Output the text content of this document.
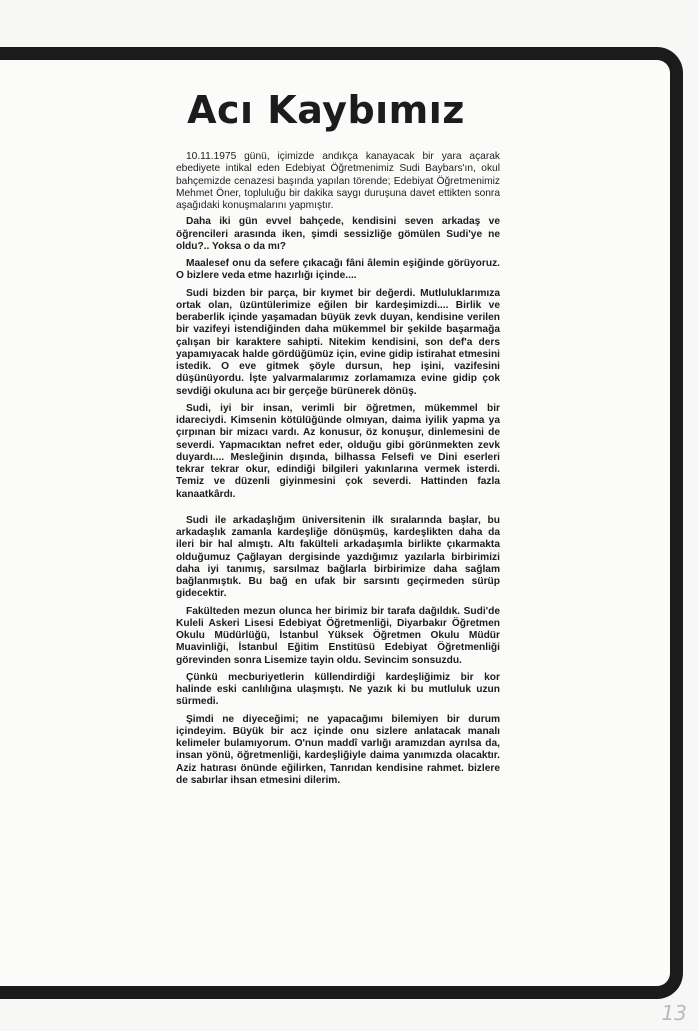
Acı Kaybımız

10.11.1975 günü, içimizde andıkça kanayacak bir yara açarak ebediyete intikal eden Edebiyat Öğretmenimiz Sudi Baybars'ın, okul bahçemizde cenazesi başında yapılan törende; Edebiyat Öğretmenimiz Mehmet Öner, topluluğu bir dakika saygı duruşuna davet ettikten sonra aşağıdaki konuşmalarını yapmıştır.

Daha iki gün evvel bahçede, kendisini seven arkadaş ve öğrencileri arasında iken, şimdi sessizliğe gömülen Sudi'ye ne oldu?.. Yoksa o da mı?

Maalesef onu da sefere çıkacağı fâni âlemin eşiğinde görüyoruz. O bizlere veda etme hazırlığı içinde....

Sudi bizden bir parça, bir kıymet bir değerdi. Mutluluklarımıza ortak olan, üzüntülerimize eğilen bir kardeşimizdi.... Birlik ve beraberlik içinde yaşamadan büyük zevk duyan, kendisine verilen bir vazifeyi istendiğinden daha mükemmel bir şekilde başarmağa çalışan bir karaktere sahipti. Nitekim kendisini, son def'a ders yapamıyacak halde gördüğümüz için, evine gidip istirahat etmesini istedik. O eve gitmek şöyle dursun, hep işini, vazifesini düşünüyordu. İşte yalvarmalarımız zorlamamıza evine gidip çok sevdiği okuluna acı bir gerçeğe bürünerek dönüş.

Sudi, iyi bir insan, verimli bir öğretmen, mükemmel bir idareciydi. Kimsenin kötülüğünde olmıyan, daima iyilik yapma ya çırpınan bir mizacı vardı. Az konusur, öz konuşur, dinlemesini de severdi. Yapmacıktan nefret eder, olduğu gibi görünmekten zevk duyardı.... Mesleğinin dışında, bilhassa Felsefi ve Dini eserleri tekrar tekrar okur, edindiği bilgileri yakınlarına vermek isterdi. Temiz ve düzenli giyinmesini çok severdi. Hattinden fazla kanaatkârdı.

Sudi ile arkadaşlığım üniversitenin ilk sıralarında başlar, bu arkadaşlık zamanla kardeşliğe dönüşmüş, kardeşlikten daha da ileri bir hal almıştı. Altı fakülteli arkadaşımla birlikte çıkarmakta olduğumuz Çağlayan dergisinde yazdığımız yazılarla birbirimizi daha iyi tanımış, sarsılmaz bağlarla birbirimize daha sağlam bağlanmıştık. Bu bağ en ufak bir sarsıntı geçirmeden sürüp gidecektir.

Fakülteden mezun olunca her birimiz bir tarafa dağıldık. Sudi'de Kuleli Askeri Lisesi Edebiyat Öğretmenliği, Diyarbakır Öğretmen Okulu Müdürlüğü, İstanbul Yüksek Öğretmen Okulu Müdür Muavinliği, İstanbul Eğitim Enstitüsü Edebiyat Öğretmenliği görevinden sonra Lisemize tayin oldu. Sevincim sonsuzdu.

Çünkü mecburiyetlerin küllendirdiği kardeşliğimiz bir kor halinde eski canlılığına ulaşmıştı. Ne yazık ki bu mutluluk uzun sürmedi.

Şimdi ne diyeceğimi; ne yapacağımı bilemiyen bir durum içindeyim. Büyük bir acz içinde onu sizlere anlatacak manalı kelimeler bulamıyorum. O'nun maddî varlığı aramızdan ayrılsa da, insan yönü, öğretmenliği, kardeşliğiyle daima yanımızda olacaktır. Aziz hatırası önünde eğilirken, Tanrıdan kendisine rahmet. bizlere de sabırlar ihsan etmesini dilerim.

13
